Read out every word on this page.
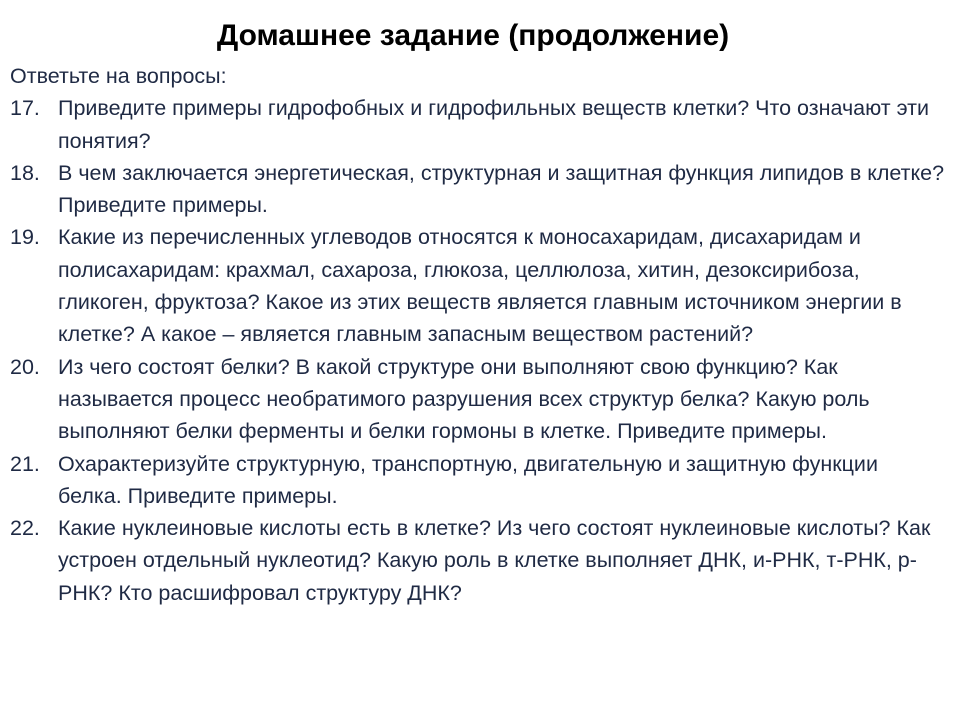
Домашнее задание (продолжение)
Ответьте на вопросы:
17. Приведите примеры гидрофобных и гидрофильных веществ клетки? Что означают эти понятия?
18. В чем заключается энергетическая, структурная и защитная функция липидов в клетке? Приведите примеры.
19. Какие из перечисленных углеводов относятся к моносахаридам, дисахаридам и полисахаридам: крахмал, сахароза, глюкоза, целлюлоза, хитин, дезоксирибоза, гликоген, фруктоза? Какое из этих веществ является главным источником энергии в клетке? А какое – является главным запасным веществом растений?
20. Из чего состоят белки? В какой структуре они выполняют свою функцию? Как называется процесс необратимого разрушения всех структур белка? Какую роль выполняют белки ферменты и белки гормоны в клетке. Приведите примеры.
21. Охарактеризуйте структурную, транспортную, двигательную и защитную функции белка. Приведите примеры.
22. Какие нуклеиновые кислоты есть в клетке? Из чего состоят нуклеиновые кислоты? Как устроен отдельный нуклеотид? Какую роль в клетке выполняет ДНК, и-РНК, т-РНК, р-РНК? Кто расшифровал структуру ДНК?
